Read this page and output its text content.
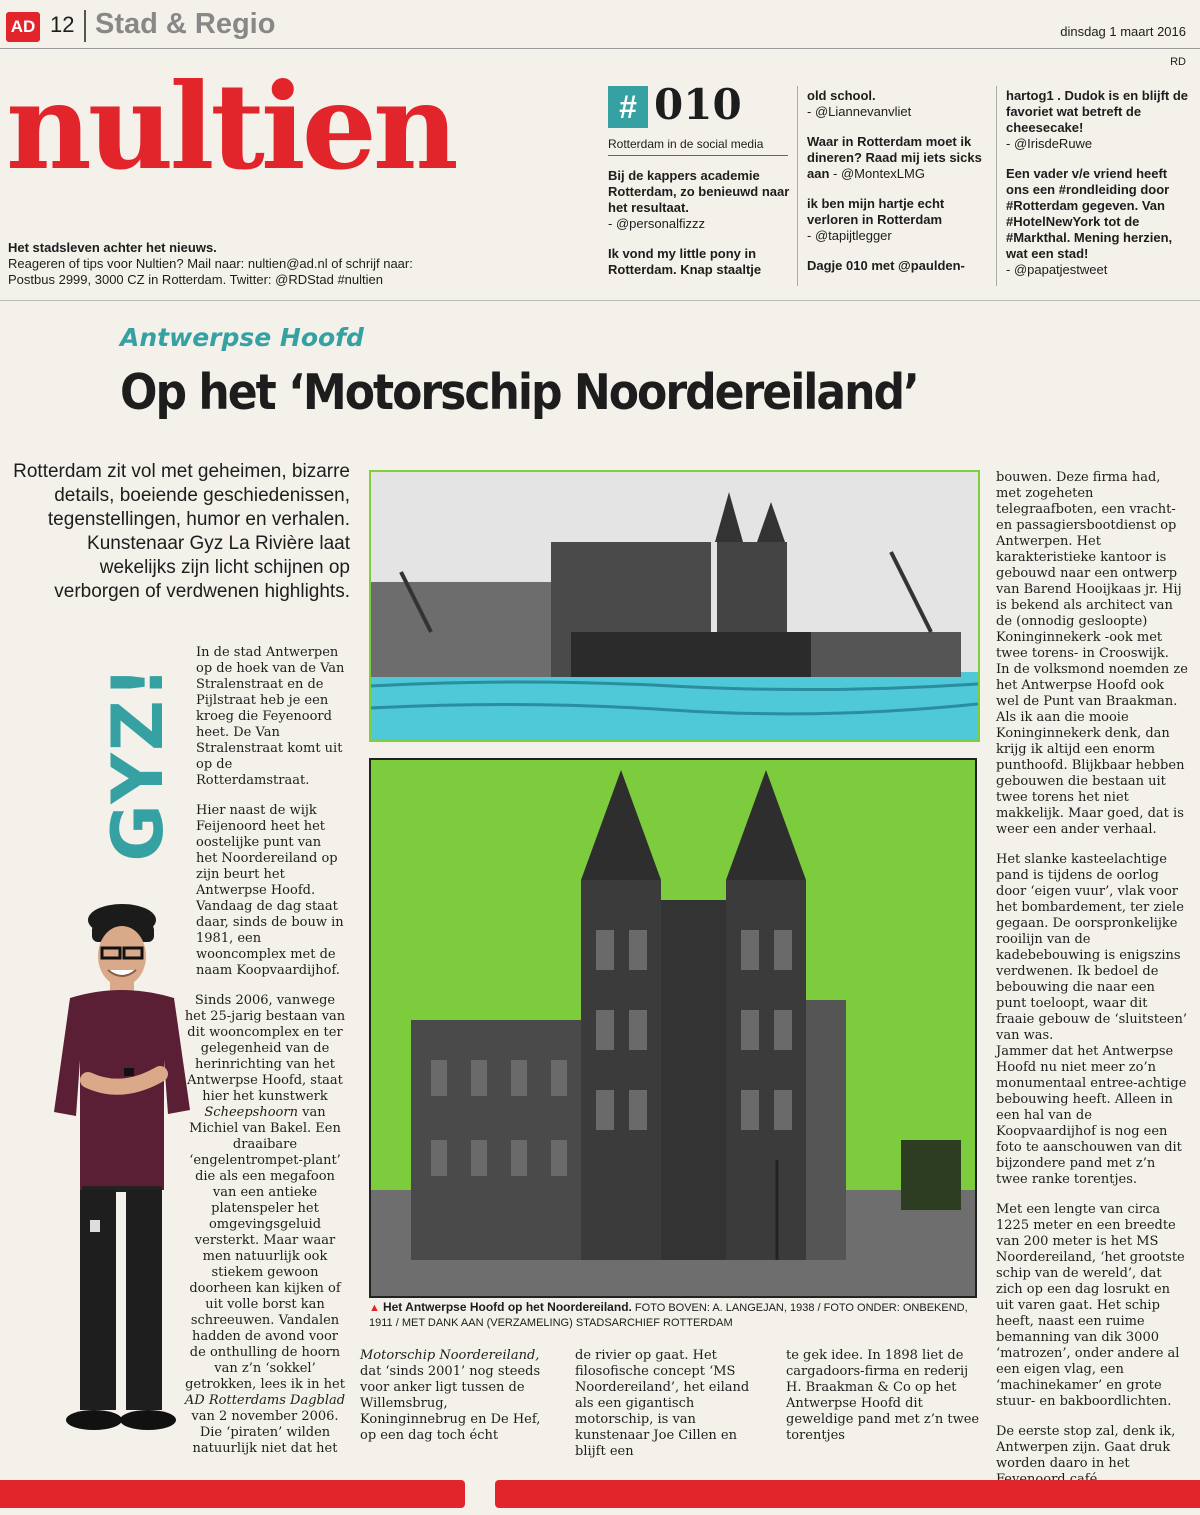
AD 12 Stad & Regio	dinsdag 1 maart 2016
RD
nultien
Het stadsleven achter het nieuws.
Reageren of tips voor Nultien? Mail naar: nultien@ad.nl of schrijf naar: Postbus 2999, 3000 CZ in Rotterdam. Twitter: @RDStad #nultien
# 010
Rotterdam in de social media

Bij de kappers academie Rotterdam, zo benieuwd naar het resultaat.
- @personalfizzz

Ik vond my little pony in Rotterdam. Knap staaltje

old school.
- @Liannevanvliet

Waar in Rotterdam moet ik dineren? Raad mij iets sicks aan - @MontexLMG

ik ben mijn hartje echt verloren in Rotterdam
- @tapijtlegger

Dagje 010 met @paulden-

hartog1 . Dudok is en blijft de favoriet wat betreft de cheesecake!
- @IrisdeRuwe

Een vader v/e vriend heeft ons een #rondleiding door #Rotterdam gegeven. Van #HotelNewYork tot de #Markthal. Mening herzien, wat een stad!
- @papatjestweet

Antwerpse Hoofd
Op het ‘Motorschip Noordereiland’
Rotterdam zit vol met geheimen, bizarre details, boeiende geschiedenissen, tegenstellingen, humor en verhalen. Kunstenaar Gyz La Rivière laat wekelijks zijn licht schijnen op verborgen of verdwenen highlights.
GYZ!

In de stad Antwerpen op de hoek van de Van Stralenstraat en de Pijlstraat heb je een kroeg die Feyenoord heet. De Van Stralenstraat komt uit op de Rotterdamstraat.

Hier naast de wijk Feijenoord heet het oostelijke punt van het Noordereiland op zijn beurt het Antwerpse Hoofd. Vandaag de dag staat daar, sinds de bouw in 1981, een wooncomplex met de naam Koopvaardijhof.

Sinds 2006, vanwege het 25-jarig bestaan van dit wooncomplex en ter gelegenheid van de herinrichting van het Antwerpse Hoofd, staat hier het kunstwerk Scheepshoorn van Michiel van Bakel. Een draaibare ‘engelentrompet-plant’ die als een megafoon van een antieke platenspeler het omgevingsgeluid versterkt. Maar waar men natuurlijk ook stiekem gewoon doorheen kan kijken of uit volle borst kan schreeuwen. Vandalen hadden de avond voor de onthulling de hoorn van z’n ‘sokkel’ getrokken, lees ik in het AD Rotterdams Dagblad van 2 november 2006. Die ‘piraten’ wilden natuurlijk niet dat het

▲ Het Antwerpse Hoofd op het Noordereiland. FOTO BOVEN: A. LANGEJAN, 1938 / FOTO ONDER: ONBEKEND, 1911 / MET DANK AAN (VERZAMELING) STADSARCHIEF ROTTERDAM

Motorschip Noordereiland, dat ‘sinds 2001’ nog steeds voor anker ligt tussen de Willemsbrug, Koninginnebrug en De Hef, op een dag toch écht

de rivier op gaat. Het filosofische concept ‘MS Noordereiland’, het eiland als een gigantisch motorschip, is van kunstenaar Joe Cillen en blijft een

te gek idee. In 1898 liet de cargadoors-firma en rederij H. Braakman & Co op het Antwerpse Hoofd dit geweldige pand met z’n twee torentjes

bouwen. Deze firma had, met zogeheten telegraafboten, een vracht- en passagiersbootdienst op Antwerpen. Het karakteristieke kantoor is gebouwd naar een ontwerp van Barend Hooijkaas jr. Hij is bekend als architect van de (onnodig gesloopte) Koninginnekerk -ook met twee torens- in Crooswijk.

In de volksmond noemden ze het Antwerpse Hoofd ook wel de Punt van Braakman. Als ik aan die mooie Koninginnekerk denk, dan krijg ik altijd een enorm punthoofd. Blijkbaar hebben gebouwen die bestaan uit twee torens het niet makkelijk. Maar goed, dat is weer een ander verhaal.

Het slanke kasteelachtige pand is tijdens de oorlog door ‘eigen vuur’, vlak voor het bombardement, ter ziele gegaan. De oorspronkelijke rooilijn van de kadebebouwing is enigszins verdwenen. Ik bedoel de bebouwing die naar een punt toeloopt, waar dit fraaie gebouw de ‘sluitsteen’ van was.

Jammer dat het Antwerpse Hoofd nu niet meer zo’n monumentaal entree-achtige bebouwing heeft. Alleen in een hal van de Koopvaardijhof is nog een foto te aanschouwen van dit bijzondere pand met z’n twee ranke torentjes.

Met een lengte van circa 1225 meter en een breedte van 200 meter is het MS Noordereiland, ‘het grootste schip van de wereld’, dat zich op een dag losrukt en uit varen gaat. Het schip heeft, naast een ruime bemanning van dik 3000 ‘matrozen’, onder andere al een eigen vlag, een ‘machinekamer’ en grote stuur- en bakboordlichten.

De eerste stop zal, denk ik, Antwerpen zijn. Gaat druk worden daaro in het
